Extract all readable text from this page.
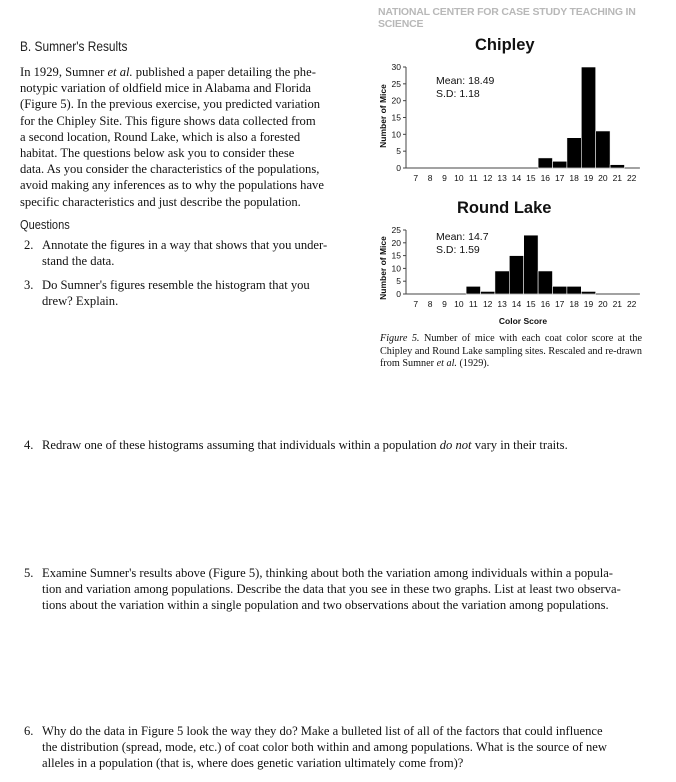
NATIONAL CENTER FOR CASE STUDY TEACHING IN SCIENCE
B. Sumner's Results
In 1929, Sumner et al. published a paper detailing the phe-
notypic variation of oldfield mice in Alabama and Florida
(Figure 5). In the previous exercise, you predicted variation
for the Chipley Site. This figure shows data collected from
a second location, Round Lake, which is also a forested
habitat. The questions below ask you to consider these
data. As you consider the characteristics of the populations,
avoid making any inferences as to why the populations have
specific characteristics and just describe the population.
Questions
2. Annotate the figures in a way that shows that you under-
stand the data.
3. Do Sumner's figures resemble the histogram that you
drew? Explain.
4. Redraw one of these histograms assuming that individuals within a population do not vary in their traits.
5. Examine Sumner's results above (Figure 5), thinking about both the variation among individuals within a popula-
tion and variation among populations. Describe the data that you see in these two graphs. List at least two observa-
tions about the variation within a single population and two observations about the variation among populations.
6. Why do the data in Figure 5 look the way they do? Make a bulleted list of all of the factors that could influence
the distribution (spread, mode, etc.) of coat color both within and among populations. What is the source of new
alleles in a population (that is, where does genetic variation ultimately come from)?
Chipley
Round Lake
0
5
10
15
20
25
30
7 8 9 10 11 12 13 14 15 16 17 18 19 20 21 22
Number of Mice
Mean: 18.49
S.D: 1.18
0
5
10
15
20
25
7 8 9 10 11 12 13 14 15 16 17 18 19 20 21 22
Number of Mice	Mean: 14.7
S.D: 1.59
Color Score
Figure 5. Number of mice with each coat color score at the Chipley and Round Lake sampling sites. Rescaled and re-drawn from Sumner et al. (1929).
